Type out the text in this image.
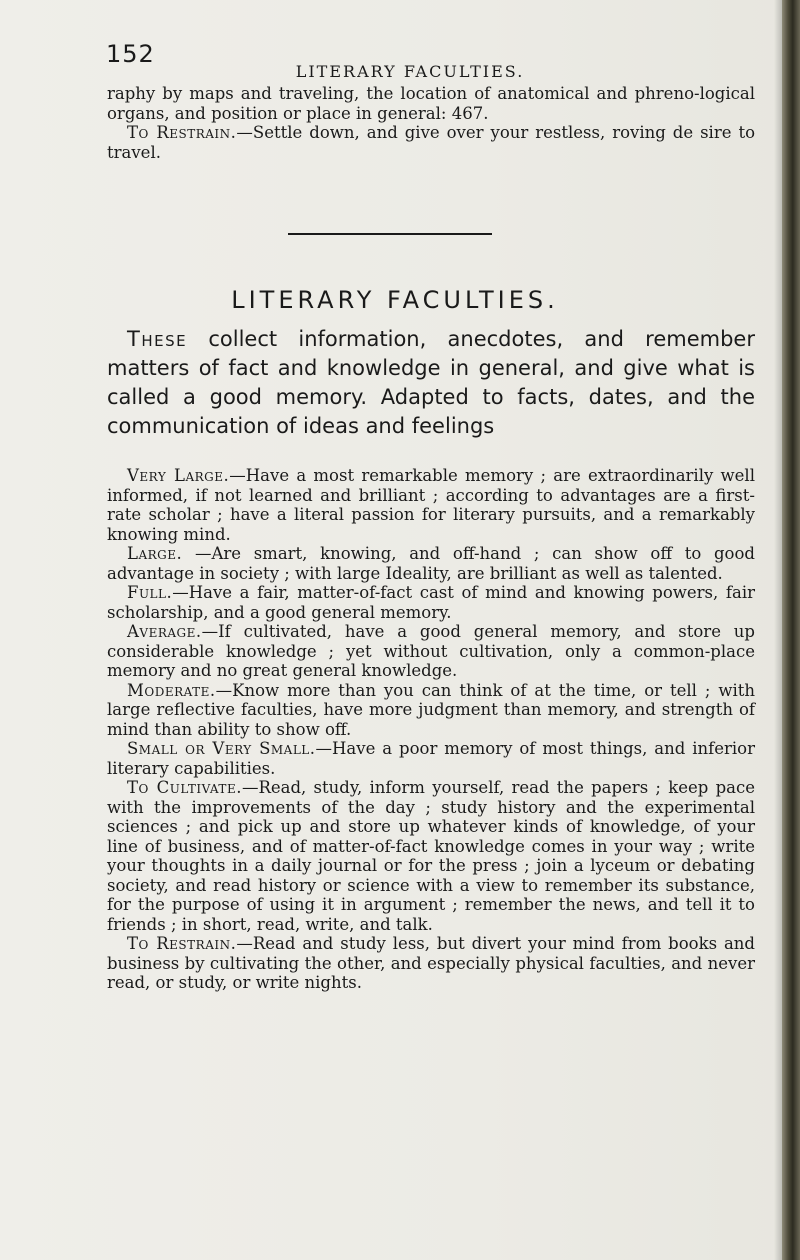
152
LITERARY FACULTIES.

raphy by maps and traveling, the location of anatomical and phreno-logical organs, and position or place in general: 467.

To Restrain.—Settle down, and give over your restless, roving de sire to travel.

LITERARY FACULTIES.

These collect information, anecdotes, and remember matters of fact and knowledge in general, and give what is called a good memory. Adapted to facts, dates, and the communication of ideas and feelings

Very Large.—Have a most remarkable memory ; are extraordinarily well informed, if not learned and brilliant ; according to advantages are a first-rate scholar ; have a literal passion for literary pursuits, and a remarkably knowing mind.

Large. —Are smart, knowing, and off-hand ; can show off to good advantage in society ; with large Ideality, are brilliant as well as talented.

Full.—Have a fair, matter-of-fact cast of mind and knowing powers, fair scholarship, and a good general memory.

Average.—If cultivated, have a good general memory, and store up considerable knowledge ; yet without cultivation, only a common-place memory and no great general knowledge.

Moderate.—Know more than you can think of at the time, or tell ; with large reflective faculties, have more judgment than memory, and strength of mind than ability to show off.

Small or Very Small.—Have a poor memory of most things, and inferior literary capabilities.

To Cultivate.—Read, study, inform yourself, read the papers ; keep pace with the improvements of the day ; study history and the experimental sciences ; and pick up and store up whatever kinds of knowledge, of your line of business, and of matter-of-fact knowledge comes in your way ; write your thoughts in a daily journal or for the press ; join a lyceum or debating society, and read history or science with a view to remember its substance, for the purpose of using it in argument ; remember the news, and tell it to friends ; in short, read, write, and talk.

To Restrain.—Read and study less, but divert your mind from books and business by cultivating the other, and especially physical faculties, and never read, or study, or write nights.
